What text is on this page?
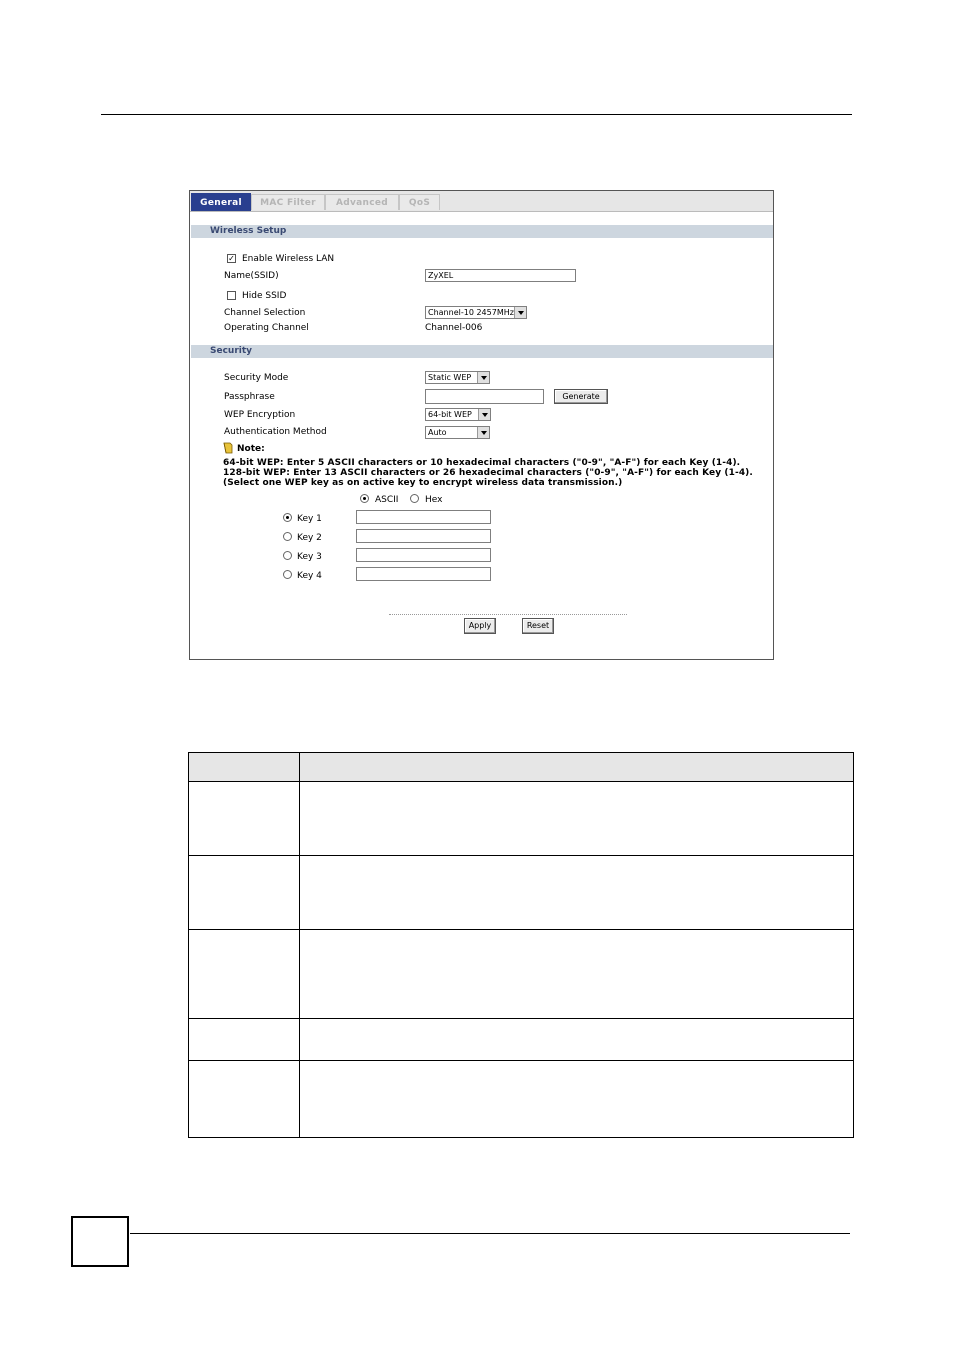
General	MAC Filter	Advanced	QoS
Wireless Setup
✓ Enable Wireless LAN
Name(SSID)	ZyXEL
Hide SSID
Channel Selection	Channel-10 2457MHz
Operating Channel	Channel-006
Security
Security Mode	Static WEP
Passphrase	Generate
WEP Encryption	64-bit WEP
Authentication Method	Auto
Note:
64-bit WEP: Enter 5 ASCII characters or 10 hexadecimal characters ("0-9", "A-F") for each Key (1-4).
128-bit WEP: Enter 13 ASCII characters or 26 hexadecimal characters ("0-9", "A-F") for each Key (1-4).
(Select one WEP key as on active key to encrypt wireless data transmission.)
ASCII	Hex
Key 1
Key 2
Key 3
Key 4
Apply	Reset
